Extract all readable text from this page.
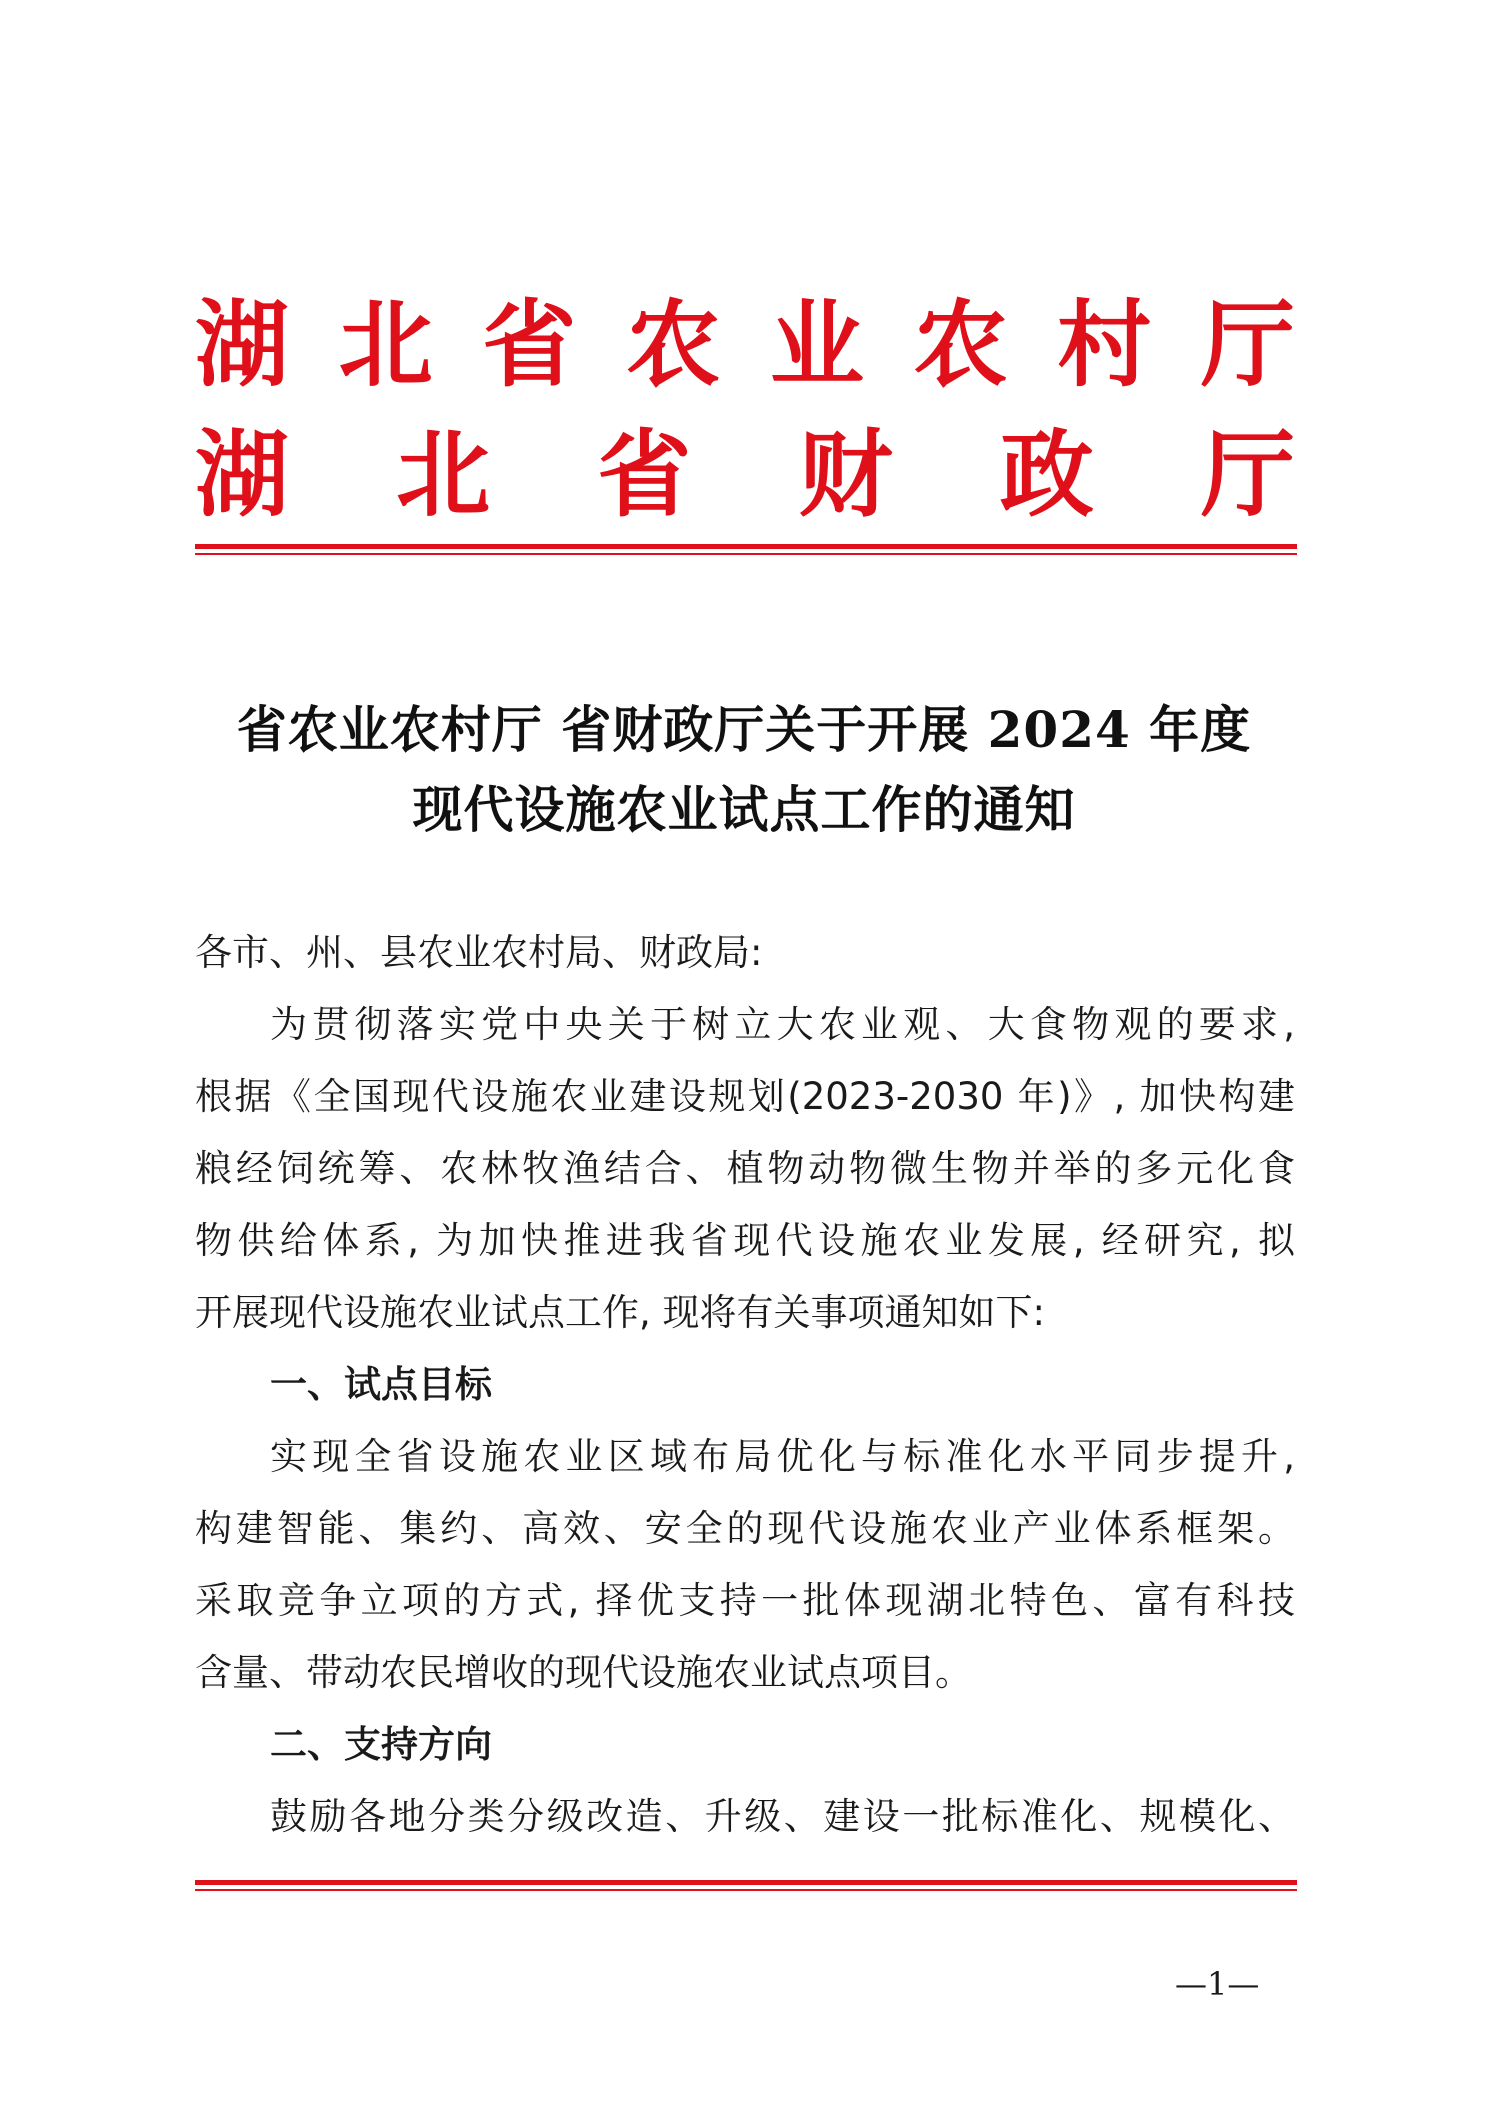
湖 北 省 农 业 农 村 厅
湖 北 省 财 政 厅
省农业农村厅 省财政厅关于开展 2024 年度
现代设施农业试点工作的通知
各市、州、县农业农村局、财政局:
为贯彻落实党中央关于树立大农业观、大食物观的要求,
根据《全国现代设施农业建设规划(2023-2030 年)》, 加快构建
粮经饲统筹、农林牧渔结合、植物动物微生物并举的多元化食
物供给体系, 为加快推进我省现代设施农业发展, 经研究, 拟
开展现代设施农业试点工作, 现将有关事项通知如下:
一、试点目标
实现全省设施农业区域布局优化与标准化水平同步提升,
构建智能、集约、高效、安全的现代设施农业产业体系框架。
采取竞争立项的方式, 择优支持一批体现湖北特色、富有科技
含量、带动农民增收的现代设施农业试点项目。
二、支持方向
鼓励各地分类分级改造、升级、建设一批标准化、规模化、
—1—
